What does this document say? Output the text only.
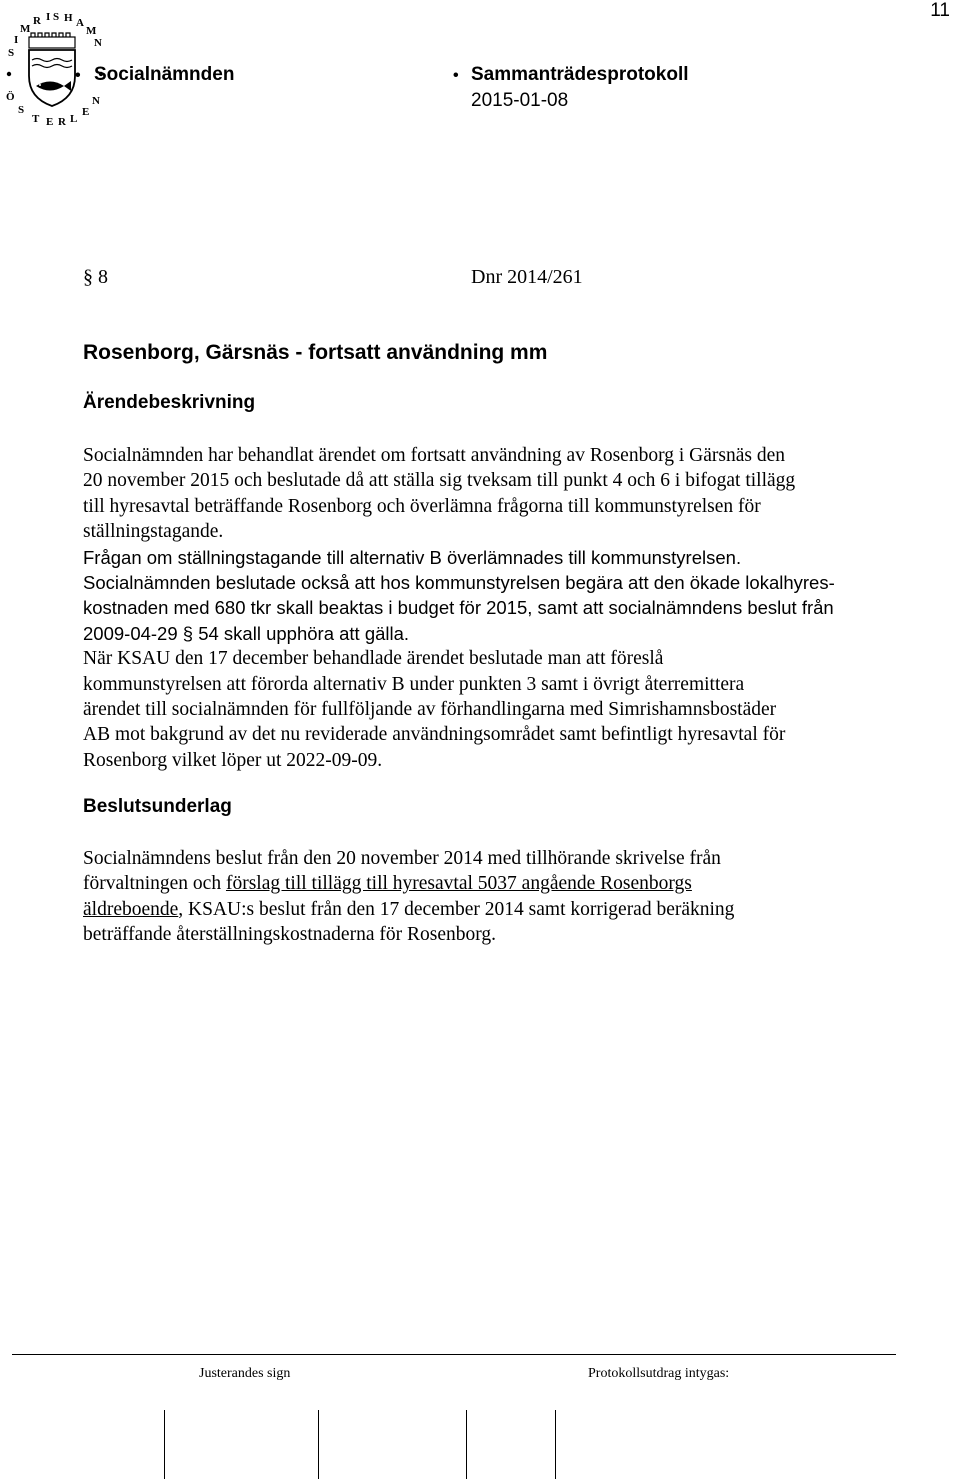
11
S I M R I S H A M N Ö S T E R L E N
• Socialnämnden	• Sammanträdesprotokoll
2015-01-08
§ 8	Dnr 2014/261
Rosenborg, Gärsnäs - fortsatt användning mm
Ärendebeskrivning

Socialnämnden har behandlat ärendet om fortsatt användning av Rosenborg i Gärsnäs den

20 november 2015 och beslutade då att ställa sig tveksam till punkt 4 och 6 i bifogat tillägg

till hyresavtal beträffande Rosenborg och överlämna frågorna till kommunstyrelsen för

ställningstagande.

Frågan om ställningstagande till alternativ B överlämnades till kommunstyrelsen.

Socialnämnden beslutade också att hos kommunstyrelsen begära att den ökade lokalhyres-

kostnaden med 680 tkr skall beaktas i budget för 2015, samt att socialnämndens beslut från

2009-04-29 § 54 skall upphöra att gälla.

När KSAU den 17 december behandlade ärendet beslutade man att föreslå

kommunstyrelsen att förorda alternativ B under punkten 3 samt i övrigt återremittera

ärendet till socialnämnden för fullföljande av förhandlingarna med Simrishamnsbostäder

AB mot bakgrund av det nu reviderade användningsområdet samt befintligt hyresavtal för

Rosenborg vilket löper ut 2022-09-09.

Beslutsunderlag

Socialnämndens beslut från den 20 november 2014 med tillhörande skrivelse från

förvaltningen och förslag till tillägg till hyresavtal 5037 angående Rosenborgs

äldreboende, KSAU:s beslut från den 17 december 2014 samt korrigerad beräkning

beträffande återställningskostnaderna för Rosenborg.

Justerandes sign	Protokollsutdrag intygas:
